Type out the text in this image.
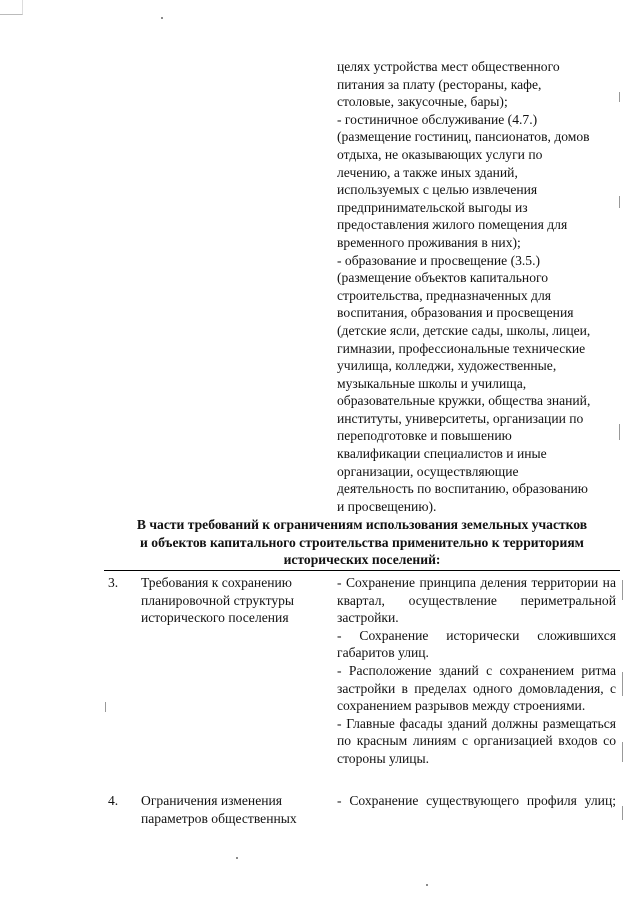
целях устройства мест общественного
питания за плату (рестораны, кафе,
столовые, закусочные, бары);
- гостиничное обслуживание (4.7.)
(размещение гостиниц, пансионатов, домов
отдыха, не оказывающих услуги по
лечению, а также иных зданий,
используемых с целью извлечения
предпринимательской выгоды из
предоставления жилого помещения для
временного проживания в них);
- образование и просвещение (3.5.)
(размещение объектов капитального
строительства, предназначенных для
воспитания, образования и просвещения
(детские ясли, детские сады, школы, лицеи,
гимназии, профессиональные технические
училища, колледжи, художественные,
музыкальные школы и училища,
образовательные кружки, общества знаний,
институты, университеты, организации по
переподготовке и повышению
квалификации специалистов и иные
организации, осуществляющие
деятельность по воспитанию, образованию
и просвещению).
В части требований к ограничениям использования земельных участков
и объектов капитального строительства применительно к территориям
исторических поселений:
3. Требования к сохранению
планировочной структуры
исторического поселения

- Сохранение принципа деления территории на квартал, осуществление периметральной застройки.

- Сохранение исторически сложившихся габаритов улиц.

- Расположение зданий с сохранением ритма застройки в пределах одного домовладения, с сохранением разрывов между строениями.

- Главные фасады зданий должны размещаться по красным линиям с организацией входов со стороны улицы.

4. Ограничения изменения
параметров общественных

- Сохранение существующего профиля улиц;
